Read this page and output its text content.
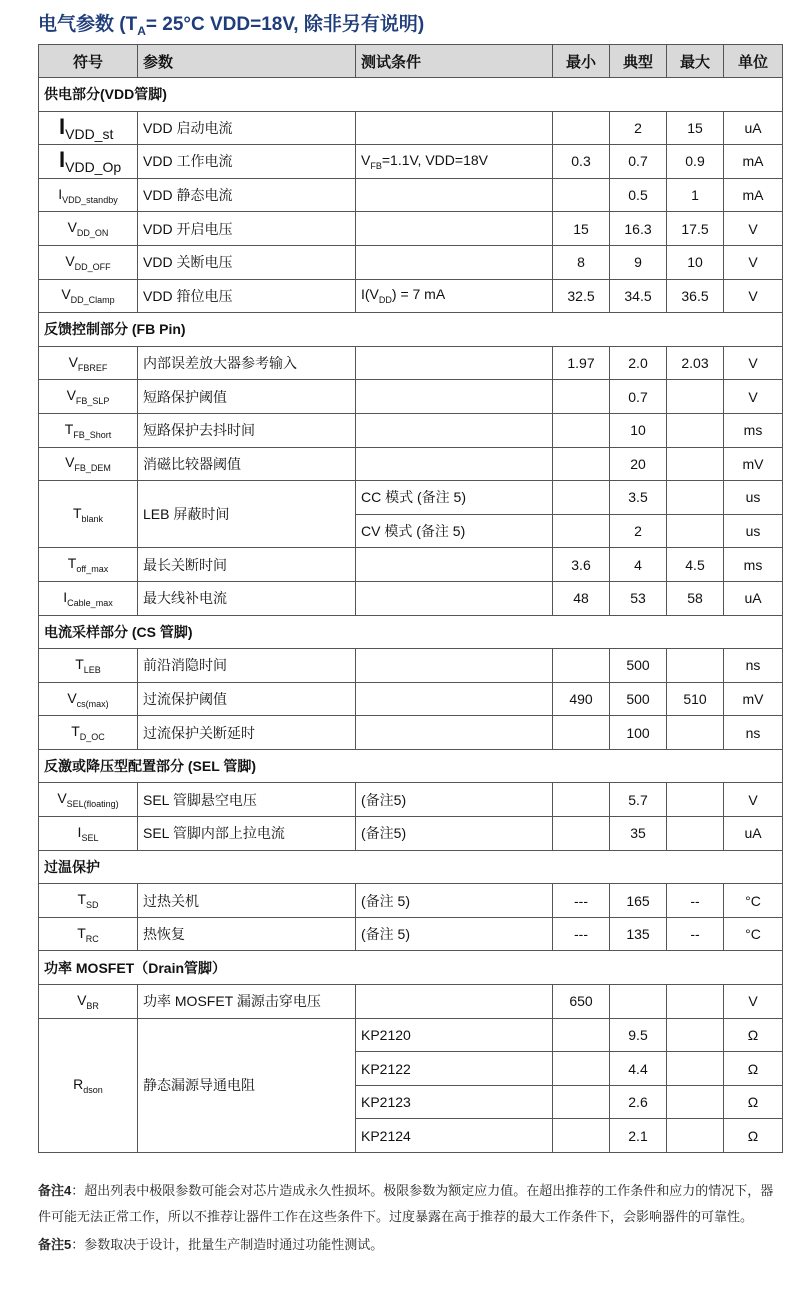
电气参数 ($T_A= 25^\circ C$ VDD=18V, 除非另有说明)
符号	参数	测试条件	最小	典型	最大	单位
供电部分(VDD管脚)						
$I_{VDD\_st}$	VDD 启动电流			2	15	uA
$I_{VDD\_Op}$	VDD 工作电流	$V_{FB}=1.1V$, VDD=18V	0.3	0.7	0.9	mA
$I_{VDD\_standby}$	VDD 静态电流			0.5	1	mA
$V_{DD\_ON}$	VDD 开启电压		15	16.3	17.5	V
$V_{DD\_OFF}$	VDD 关断电压		8	9	10	V
$V_{DD\_Clamp}$	VDD 箝位电压	$I(V_{DD}) = 7$ mA	32.5	34.5	36.5	V
反馈控制部分 (FB Pin)						
$V_{FBREF}$	内部误差放大器参考输入		1.97	2.0	2.03	V
$V_{FB\_SLP}$	短路保护阈值			0.7		V
$T_{FB\_Short}$	短路保护去抖时间			10		ms
$V_{FB\_DEM}$	消磁比较器阈值			20		mV
$T_{blank}$	LEB 屏蔽时间	CC 模式 (备注 5)		3.5		us
		CV 模式 (备注 5)		2		us
$T_{off\_max}$	最长关断时间		3.6	4	4.5	ms
$I_{Cable\_max}$	最大线补电流		48	53	58	uA
电流采样部分 (CS 管脚)						
$T_{LEB}$	前沿消隐时间			500		ns
$V_{cs(max)}$	过流保护阈值		490	500	510	mV
$T_{D\_OC}$	过流保护关断延时			100		ns
反激或降压型配置部分 (SEL 管脚)						
$V_{SEL(floating)}$	SEL 管脚悬空电压	(备注5)		5.7		V
$I_{SEL}$	SEL 管脚内部上拉电流	(备注5)		35		uA
过温保护						
$T_{SD}$	过热关机	(备注 5)	---	165	--	°C
$T_{RC}$	热恢复	(备注 5)	---	135	--	°C
功率 MOSFET（Drain管脚）						
$V_{BR}$	功率 MOSFET 漏源击穿电压		650			V
$R_{dson}$	静态漏源导通电阻	KP2120		9.5		Ω
		KP2122		4.4		Ω
		KP2123		2.6		Ω
		KP2124		2.1		Ω
备注4：超出列表中极限参数可能会对芯片造成永久性损坏。极限参数为额定应力值。在超出推荐的工作条件和应力的情况下，器件可能无法正常工作，所以不推荐让器件工作在这些条件下。过度暴露在高于推荐的最大工作条件下，会影响器件的可靠性。
备注5：参数取决于设计，批量生产制造时通过功能性测试。
